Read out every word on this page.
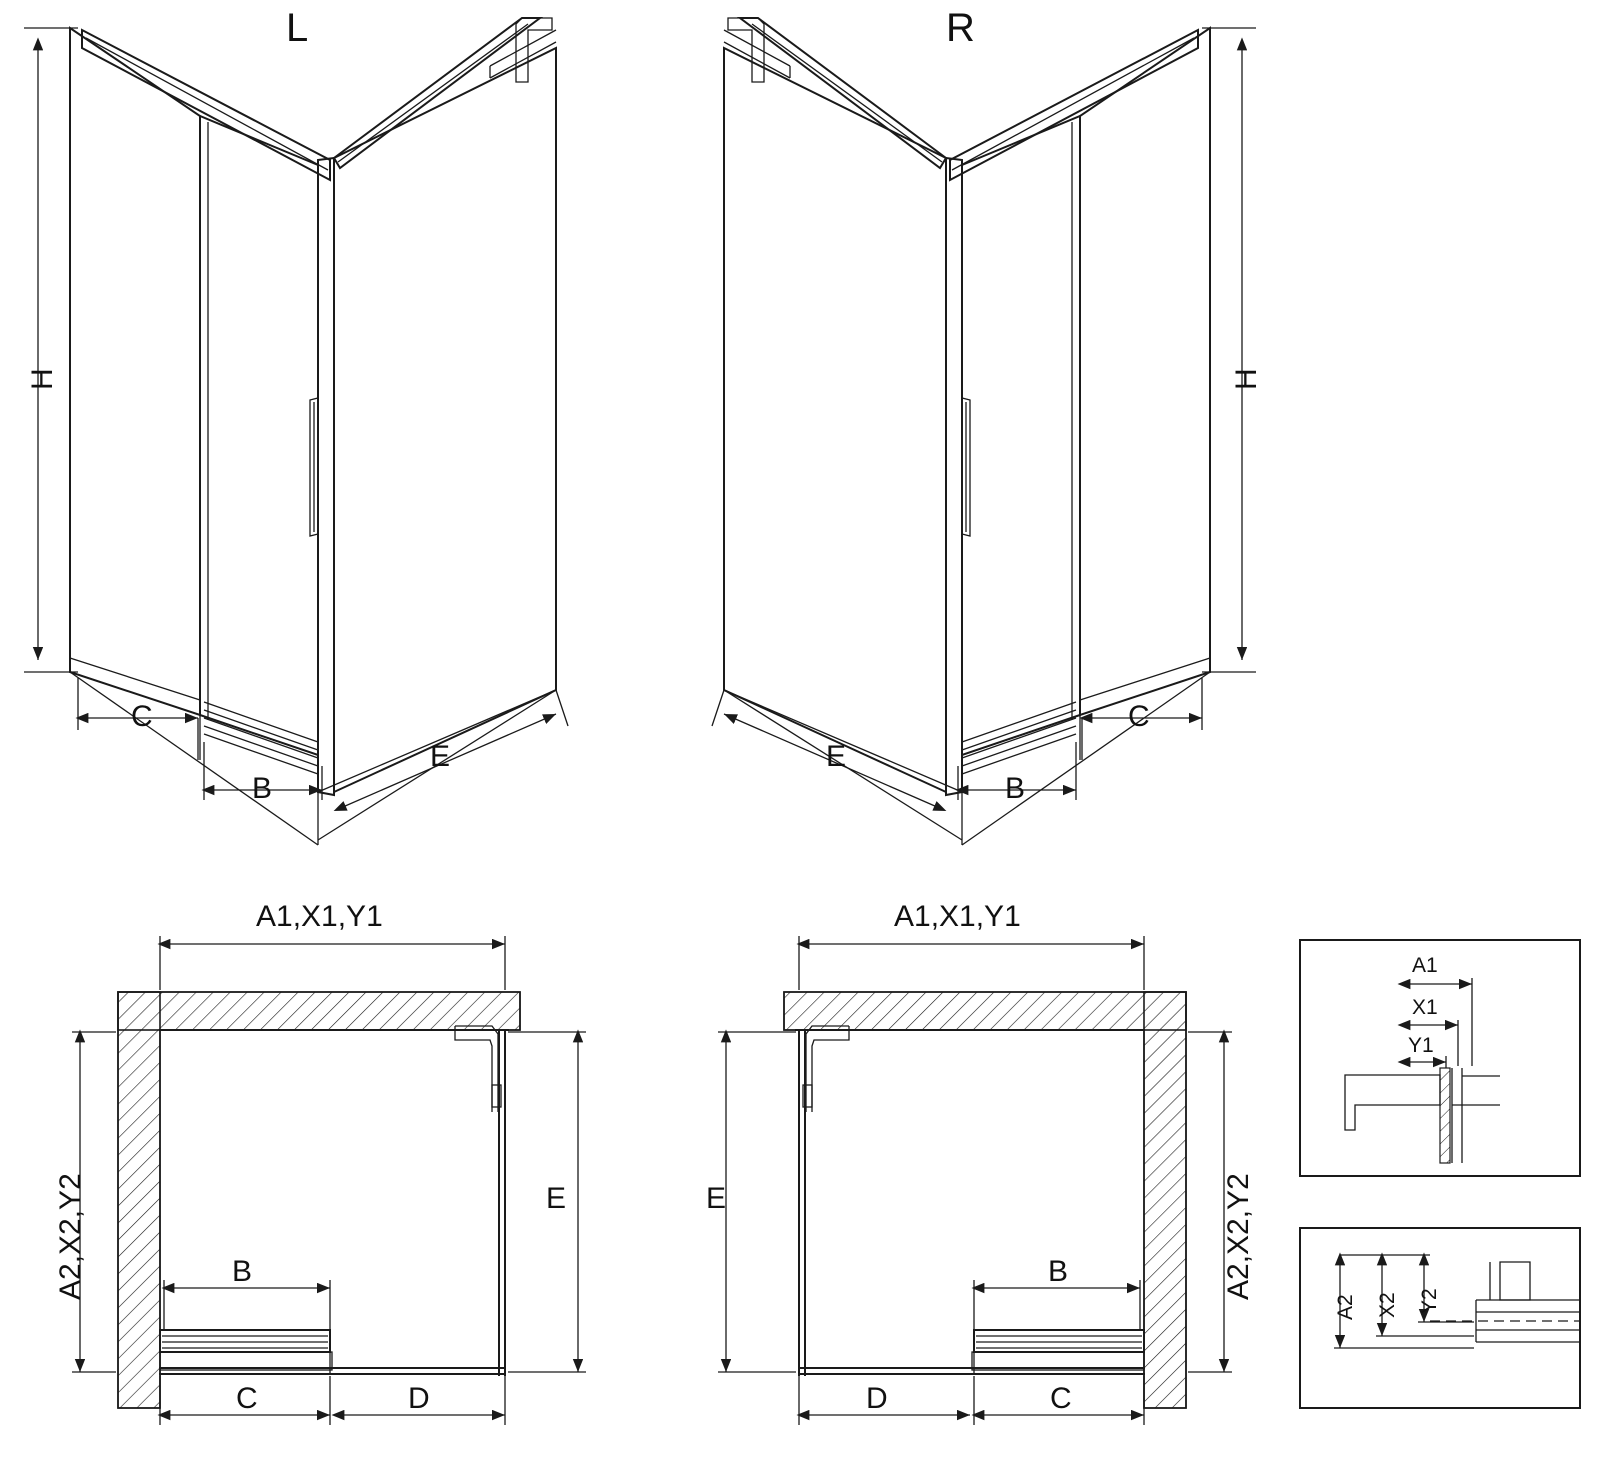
L	R
H	H
C
B
E
C
B
E
A1,X1,Y1
A2,X2,Y2	E
B
C	D
A1,X1,Y1
A2,X2,Y2
E
B
C
D
A1
X1
Y1
A2 X2 Y2
